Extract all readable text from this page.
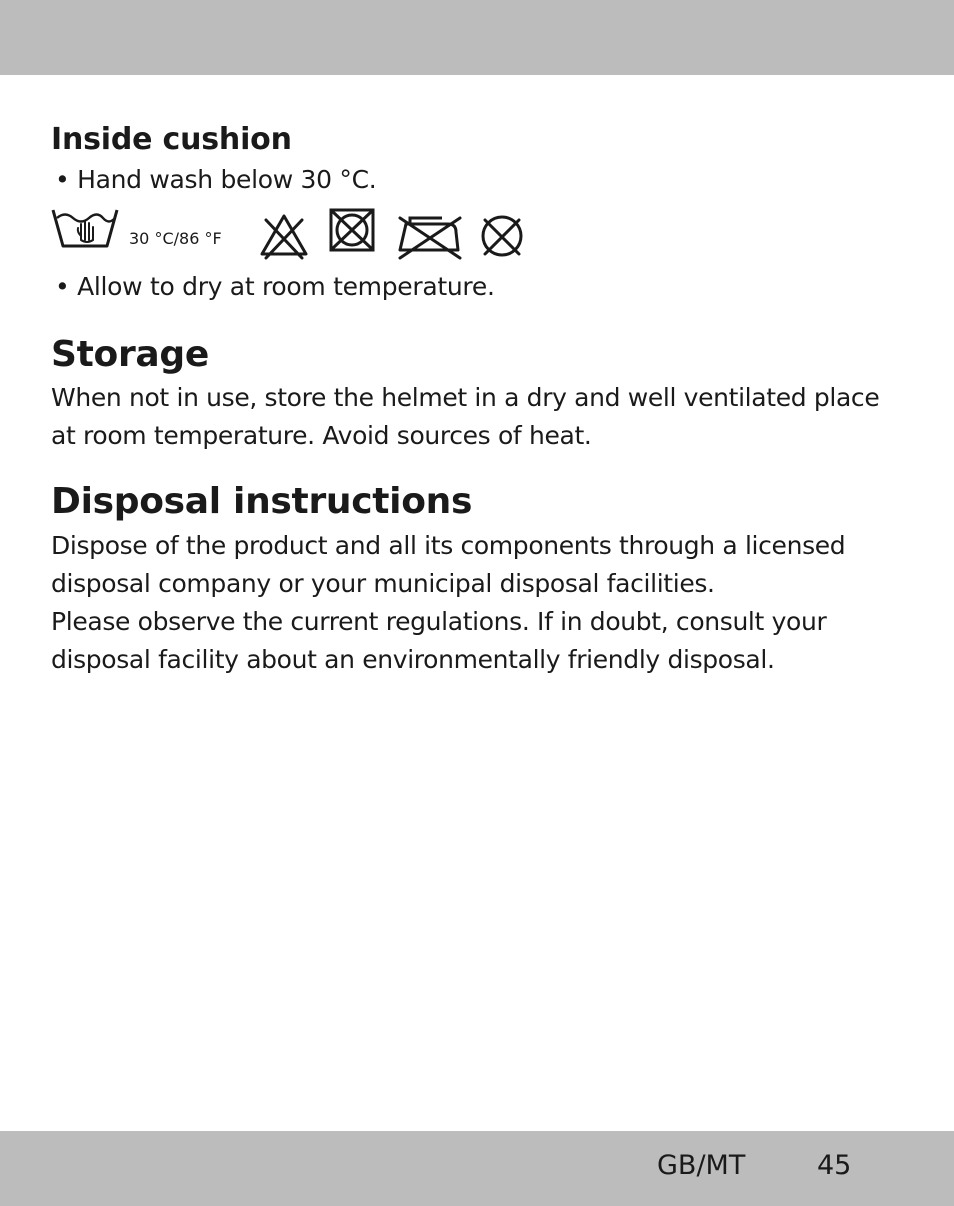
Inside cushion

• Hand wash below 30 °C.

30 °C/86 °F

• Allow to dry at room temperature.

Storage
When not in use, store the helmet in a dry and well ventilated place
at room temperature. Avoid sources of heat.
Disposal instructions
Dispose of the product and all its components through a licensed
disposal company or your municipal disposal facilities.
Please observe the current regulations. If in doubt, consult your
disposal facility about an environmentally friendly disposal.
GB/MT	45
